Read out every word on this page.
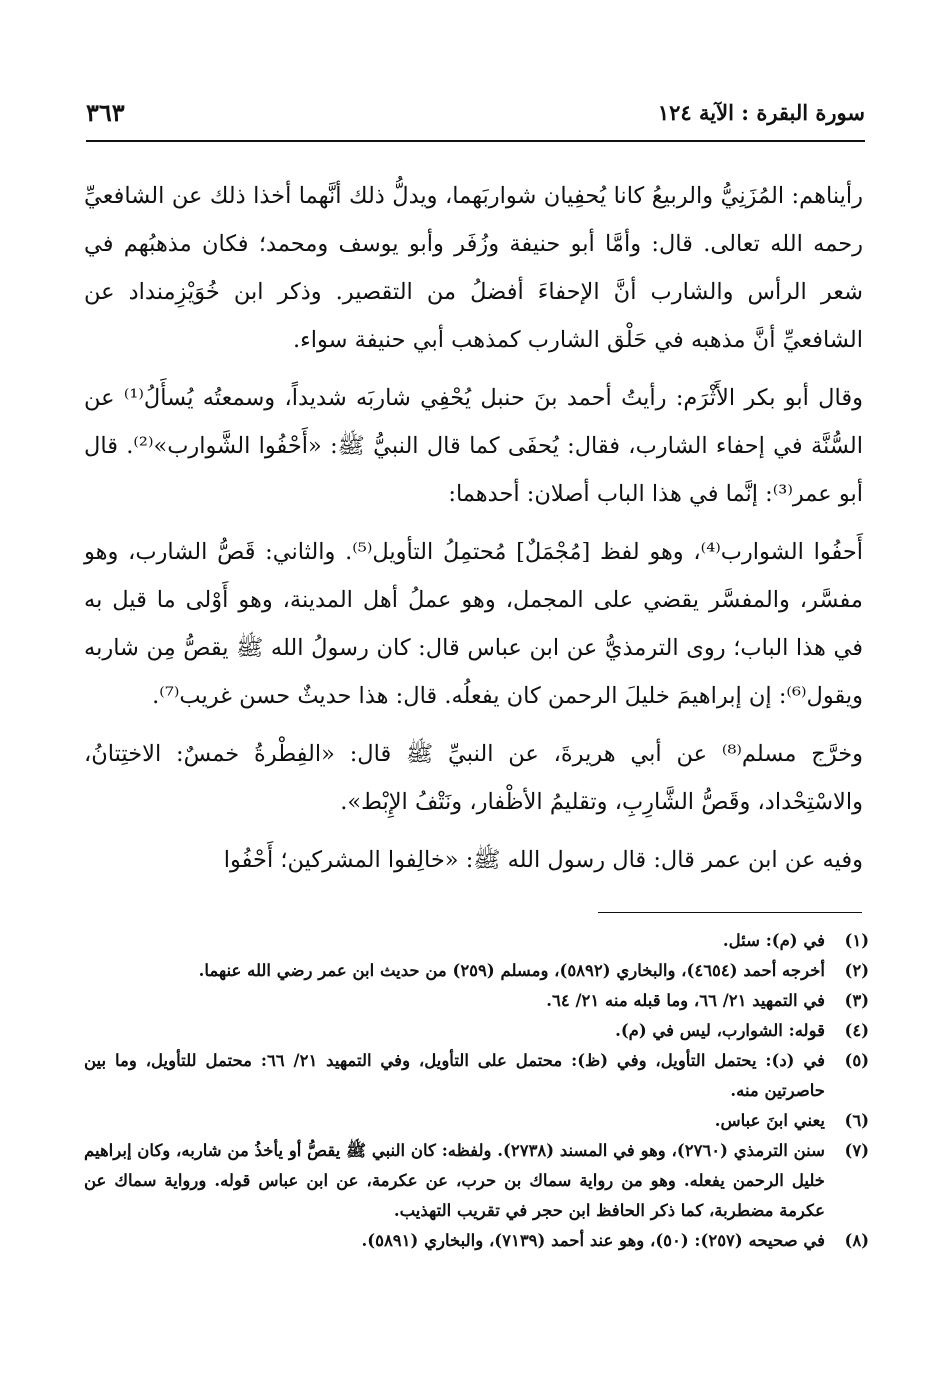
سورة البقرة : الآية ١٢٤
٣٦٣

رأيناهم: المُزَنِيُّ والربيعُ كانا يُحفِيان شواربَهما، ويدلُّ ذلك أنَّهما أخذا ذلك عن الشافعيِّ رحمه الله تعالى. قال: وأمَّا أبو حنيفة وزُفَر وأبو يوسف ومحمد؛ فكان مذهبُهم في شعر الرأس والشارب أنَّ الإحفاءَ أفضلُ من التقصير. وذكر ابن خُوَيْزِمنداد عن الشافعيِّ أنَّ مذهبه في حَلْق الشارب كمذهب أبي حنيفة سواء.

وقال أبو بكر الأَثْرَم: رأيتُ أحمد بنَ حنبل يُحْفِي شاربَه شديداً، وسمعتُه يُسأَلُ⁽¹⁾ عن السُّنَّة في إحفاء الشارب، فقال: يُحفَى كما قال النبيُّ ﷺ: «أَحْفُوا الشَّوارب»⁽²⁾. قال أبو عمر⁽³⁾: إنَّما في هذا الباب أصلان: أحدهما:

أَحفُوا الشوارب⁽⁴⁾، وهو لفظ [مُجْمَلٌ] مُحتمِلُ التأويل⁽⁵⁾. والثاني: قَصُّ الشارب، وهو مفسَّر، والمفسَّر يقضي على المجمل، وهو عملُ أهل المدينة، وهو أَوْلى ما قيل به في هذا الباب؛ روى الترمذيُّ عن ابن عباس قال: كان رسولُ الله ﷺ يقصُّ مِن شاربه ويقول⁽⁶⁾: إن إبراهيمَ خليلَ الرحمن كان يفعلُه. قال: هذا حديثٌ حسن غريب⁽⁷⁾.

وخرَّج مسلم⁽⁸⁾ عن أبي هريرةَ، عن النبيِّ ﷺ قال: «الفِطْرةُ خمسٌ: الاختِتانُ، والاسْتِحْداد، وقَصُّ الشَّارِبِ، وتقليمُ الأظْفار، ونَتْفُ الإِبْط».

وفيه عن ابن عمر قال: قال رسول الله ﷺ: «خالِفوا المشركين؛ أَحْفُوا

(١)
في (م): سئل.
(٢)
أخرجه أحمد (٤٦٥٤)، والبخاري (٥٨٩٢)، ومسلم (٢٥٩) من حديث ابن عمر رضي الله عنهما.
(٣)
في التمهيد ٢١/ ٦٦، وما قبله منه ٢١/ ٦٤.
(٤)
قوله: الشوارب، ليس في (م).
(٥)
في (د): يحتمل التأويل، وفي (ظ): محتمل على التأويل، وفي التمهيد ٢١/ ٦٦: محتمل للتأويل، وما بين حاصرتين منه.
(٦)
يعني ابنَ عباس.
(٧)
سنن الترمذي (٢٧٦٠)، وهو في المسند (٢٧٣٨). ولفظه: كان النبي ﷺ يقصُّ أو يأخذُ من شاربه، وكان إبراهيم خليل الرحمن يفعله. وهو من رواية سماك بن حرب، عن عكرمة، عن ابن عباس قوله. ورواية سماك عن عكرمة مضطربة، كما ذكر الحافظ ابن حجر في تقريب التهذيب.
(٨)
في صحيحه (٢٥٧): (٥٠)، وهو عند أحمد (٧١٣٩)، والبخاري (٥٨٩١).
